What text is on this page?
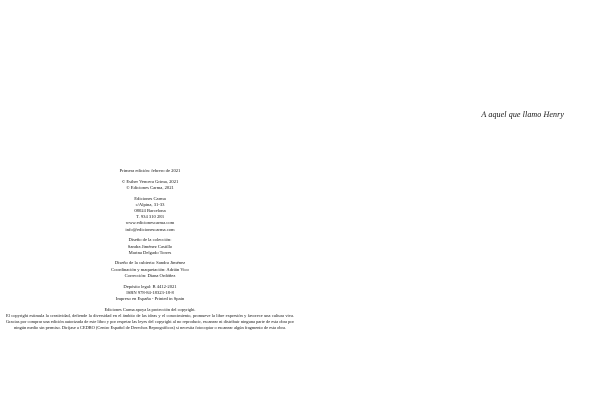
Primera edición: febrero de 2021
© Esther Vencera Grima, 2021
© Ediciones Carma, 2021
Ediciones Carma
c/Alpina, 31-33
08024 Barcelona
T. 934 310 283
www.edicionescarma.com
info@edicionescarma.com
Diseño de la colección:
Sandra Jiménez Castillo
Marina Delgado Torres
Diseño de la cubierta: Sandra Jiménez
Coordinación y maquetación: Adrián Vico
Corrección: Diana Ordóñez
Depósito legal: B 4412-2021
ISBN 978-84-18323-18-8
Impreso en España - Printed in Spain
Ediciones Carma apoya la protección del copyright.
El copyright estimula la creatividad, defiende la diversidad en el ámbito de las ideas y el conocimiento, promueve la libre expresión y favorece una cultura viva. Gracias por comprar una edición autorizada de este libro y por respetar las leyes del copyright al no reproducir, escanear ni distribuir ninguna parte de esta obra por ningún medio sin permiso. Diríjase a CEDRO (Centro Español de Derechos Reprográficos) si necesita fotocopiar o escanear algún fragmento de esta obra.
A aquel que llamo Henry
